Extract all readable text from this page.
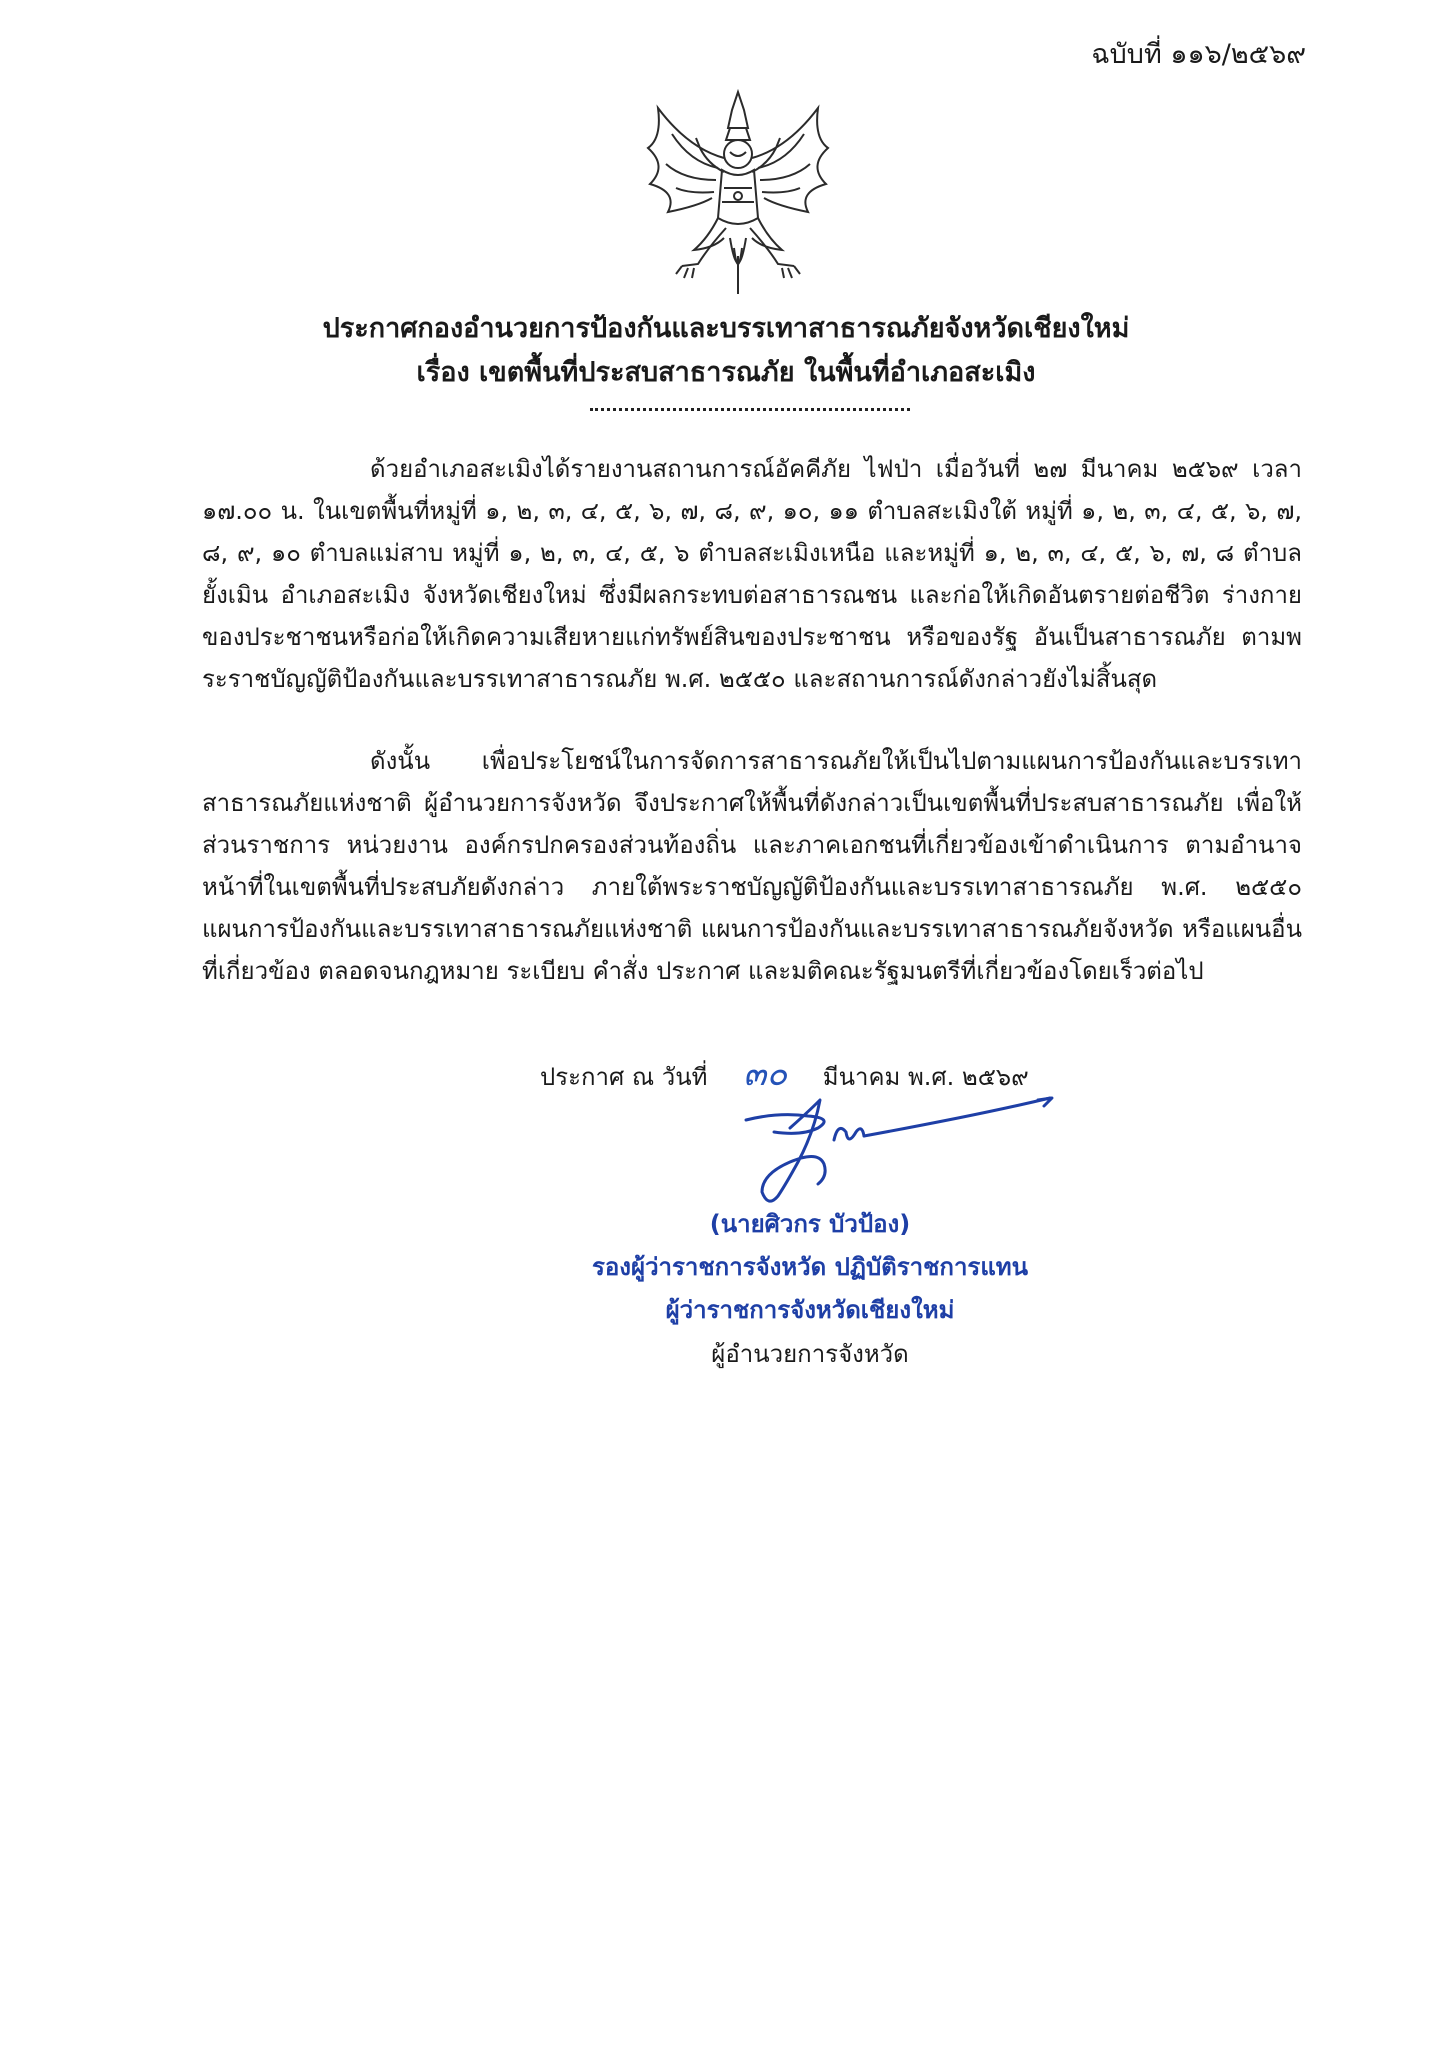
ฉบับที่ ๑๑๖/๒๕๖๙
ประกาศกองอำนวยการป้องกันและบรรเทาสาธารณภัยจังหวัดเชียงใหม่
เรื่อง เขตพื้นที่ประสบสาธารณภัย ในพื้นที่อำเภอสะเมิง

ด้วยอำเภอสะเมิงได้รายงานสถานการณ์อัคคีภัย ไฟป่า เมื่อวันที่ ๒๗ มีนาคม ๒๕๖๙ เวลา ๑๗.๐๐ น. ในเขตพื้นที่หมู่ที่ ๑, ๒, ๓, ๔, ๕, ๖, ๗, ๘, ๙, ๑๐, ๑๑ ตำบลสะเมิงใต้ หมู่ที่ ๑, ๒, ๓, ๔, ๕, ๖, ๗, ๘, ๙, ๑๐ ตำบลแม่สาบ หมู่ที่ ๑, ๒, ๓, ๔, ๕, ๖ ตำบลสะเมิงเหนือ และหมู่ที่ ๑, ๒, ๓, ๔, ๕, ๖, ๗, ๘ ตำบลยั้งเมิน อำเภอสะเมิง จังหวัดเชียงใหม่ ซึ่งมีผลกระทบต่อสาธารณชน และก่อให้เกิดอันตรายต่อชีวิต ร่างกายของประชาชนหรือก่อให้เกิดความเสียหายแก่ทรัพย์สินของประชาชน หรือของรัฐ อันเป็นสาธารณภัย ตามพระราชบัญญัติป้องกันและบรรเทาสาธารณภัย พ.ศ. ๒๕๕๐ และสถานการณ์ดังกล่าวยังไม่สิ้นสุด

ดังนั้น เพื่อประโยชน์ในการจัดการสาธารณภัยให้เป็นไปตามแผนการป้องกันและบรรเทาสาธารณภัยแห่งชาติ ผู้อำนวยการจังหวัด จึงประกาศให้พื้นที่ดังกล่าวเป็นเขตพื้นที่ประสบสาธารณภัย เพื่อให้ส่วนราชการ หน่วยงาน องค์กรปกครองส่วนท้องถิ่น และภาคเอกชนที่เกี่ยวข้องเข้าดำเนินการ ตามอำนาจหน้าที่ในเขตพื้นที่ประสบภัยดังกล่าว ภายใต้พระราชบัญญัติป้องกันและบรรเทาสาธารณภัย พ.ศ. ๒๕๕๐ แผนการป้องกันและบรรเทาสาธารณภัยแห่งชาติ แผนการป้องกันและบรรเทาสาธารณภัยจังหวัด หรือแผนอื่นที่เกี่ยวข้อง ตลอดจนกฎหมาย ระเบียบ คำสั่ง ประกาศ และมติคณะรัฐมนตรีที่เกี่ยวข้องโดยเร็วต่อไป

ประกาศ ณ วันที่ ๓๐ มีนาคม พ.ศ. ๒๕๖๙
(นายศิวกร บัวป้อง)
รองผู้ว่าราชการจังหวัด ปฏิบัติราชการแทน
ผู้ว่าราชการจังหวัดเชียงใหม่
ผู้อำนวยการจังหวัด
